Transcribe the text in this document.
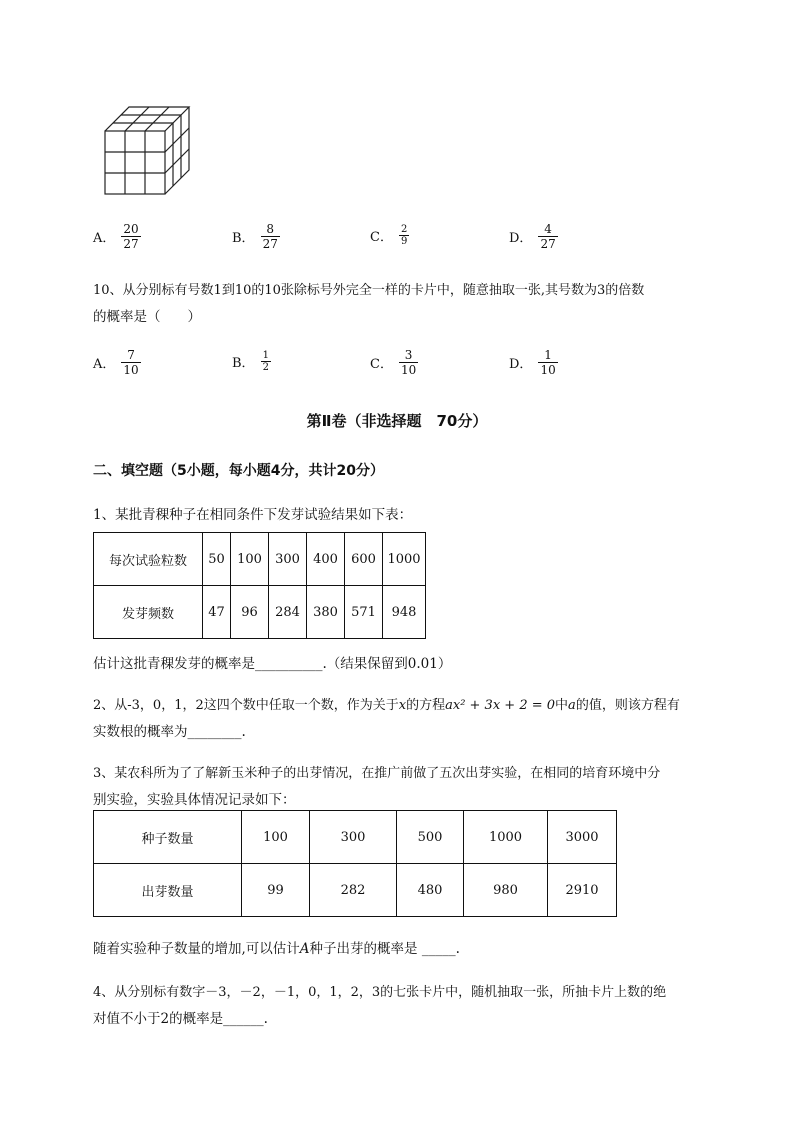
A． $\frac{20}{27}$	B． $\frac{8}{27}$	C． $\frac{2}{9}$	D． $\frac{4}{27}$
10、从分别标有号数1到10的10张除标号外完全一样的卡片中，随意抽取一张,其号数为3的倍数
的概率是（　　）
A． $\frac{7}{10}$	B． $\frac{1}{2}$	C． $\frac{3}{10}$	D． $\frac{1}{10}$
第Ⅱ卷（非选择题　70分）
二、填空题（5小题，每小题4分，共计20分）
1、某批青稞种子在相同条件下发芽试验结果如下表：
每次试验粒数	50	100	300	400	600	1000
发芽频数	47	96	284	380	571	948
估计这批青稞发芽的概率是__________.（结果保留到0.01）
2、从-3，0，1，2这四个数中任取一个数，作为关于x的方程ax² + 3x + 2 = 0中a的值，则该方程有
实数根的概率为________.
3、某农科所为了了解新玉米种子的出芽情况，在推广前做了五次出芽实验，在相同的培育环境中分
别实验，实验具体情况记录如下：
种子数量	100	300	500	1000	3000
出芽数量	99	282	480	980	2910
随着实验种子数量的增加,可以估计A种子出芽的概率是 _____.
4、从分别标有数字－3，－2，－1，0，1，2，3的七张卡片中，随机抽取一张，所抽卡片上数的绝
对值不小于2的概率是______.
